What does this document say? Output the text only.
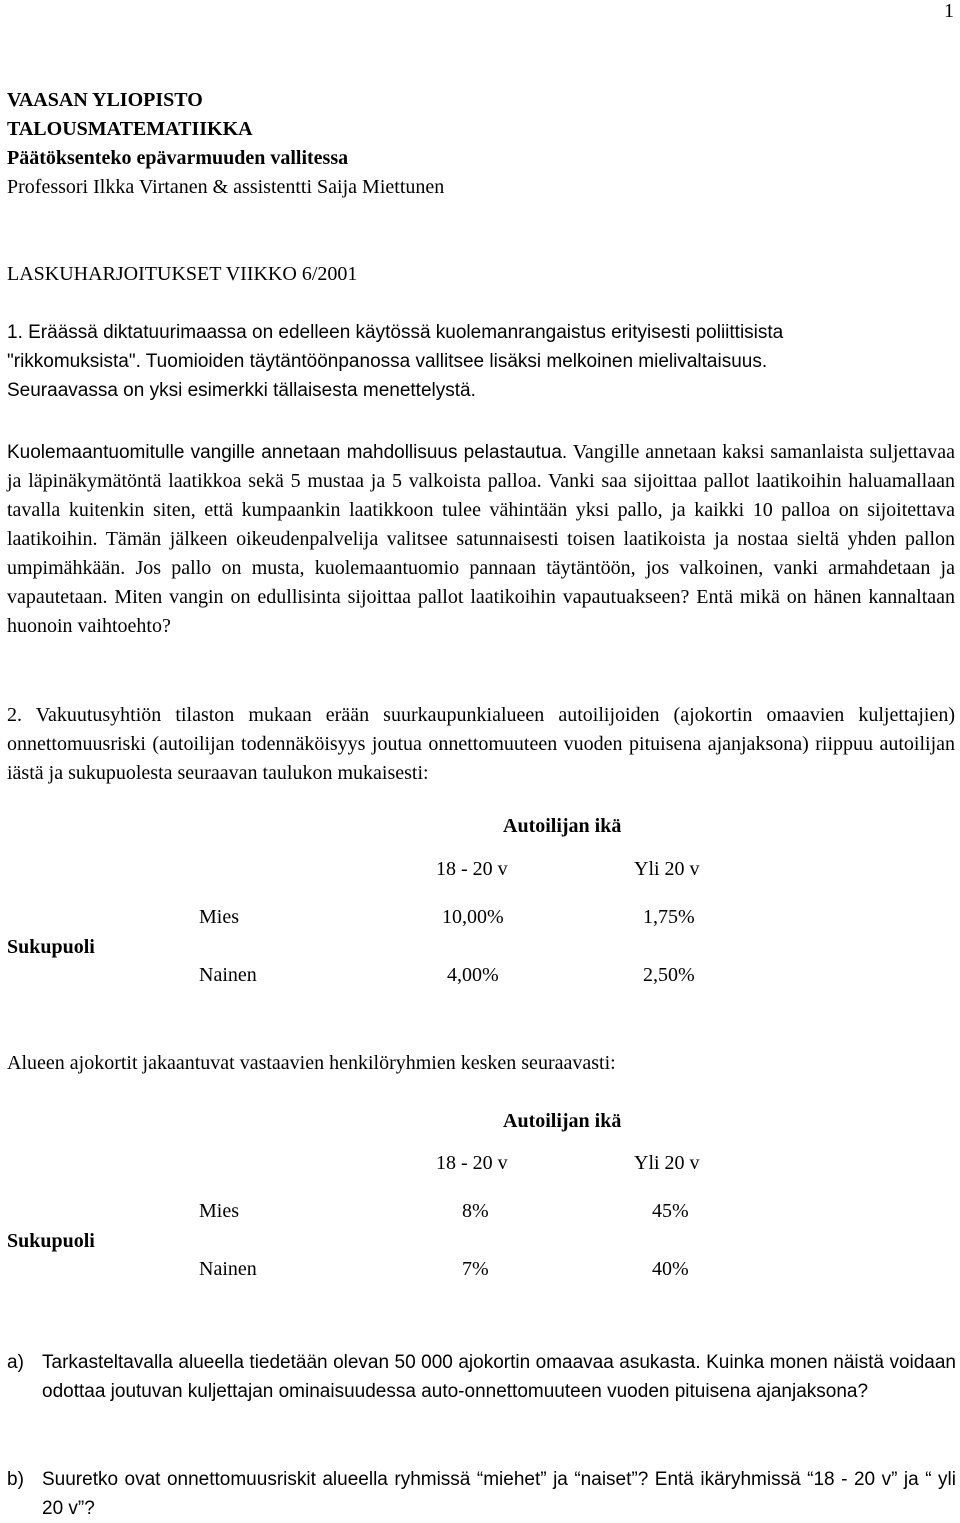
1
VAASAN YLIOPISTO
TALOUSMATEMATIIKKA
Päätöksenteko epävarmuuden vallitessa
Professori Ilkka Virtanen & assistentti Saija Miettunen
LASKUHARJOITUKSET VIIKKO 6/2001
1. Eräässä diktatuurimaassa on edelleen käytössä kuolemanrangaistus erityisesti poliittisista
"rikkomuksista". Tuomioiden täytäntöönpanossa vallitsee lisäksi melkoinen mielivaltaisuus.
Seuraavassa on yksi esimerkki tällaisesta menettelystä.
Kuolemaantuomitulle vangille annetaan mahdollisuus pelastautua. Vangille annetaan kaksi samanlaista suljettavaa ja läpinäkymätöntä laatikkoa sekä 5 mustaa ja 5 valkoista palloa. Vanki saa sijoittaa pallot laatikoihin haluamallaan tavalla kuitenkin siten, että kumpaankin laatikkoon tulee vähintään yksi pallo, ja kaikki 10 palloa on sijoitettava laatikoihin. Tämän jälkeen oikeudenpalvelija valitsee satunnaisesti toisen laatikoista ja nostaa sieltä yhden pallon umpimähkään. Jos pallo on musta, kuolemaantuomio pannaan täytäntöön, jos valkoinen, vanki armahdetaan ja vapautetaan. Miten vangin on edullisinta sijoittaa pallot laatikoihin vapautuakseen? Entä mikä on hänen kannaltaan huonoin vaihtoehto?
2. Vakuutusyhtiön tilaston mukaan erään suurkaupunkialueen autoilijoiden (ajokortin omaavien kuljettajien) onnettomuusriski (autoilijan todennäköisyys joutua onnettomuuteen vuoden pituisena ajanjaksona) riippuu autoilijan iästä ja sukupuolesta seuraavan taulukon mukaisesti:
Autoilijan ikä
18 - 20 v	Yli 20 v
Sukupuoli
Mies	10,00%	1,75%
Nainen	4,00%	2,50%
Alueen ajokortit jakaantuvat vastaavien henkilöryhmien kesken seuraavasti:
Autoilijan ikä
18 - 20 v	Yli 20 v
Sukupuoli
Mies	8%	45%
Nainen	7%	40%
a) Tarkasteltavalla alueella tiedetään olevan 50 000 ajokortin omaavaa asukasta. Kuinka monen näistä voidaan odottaa joutuvan kuljettajan ominaisuudessa auto-onnettomuuteen vuoden pituisena ajanjaksona?
b) Suuretko ovat onnettomuusriskit alueella ryhmissä “miehet” ja “naiset”? Entä ikäryhmissä “18 - 20 v” ja “ yli 20 v”?
